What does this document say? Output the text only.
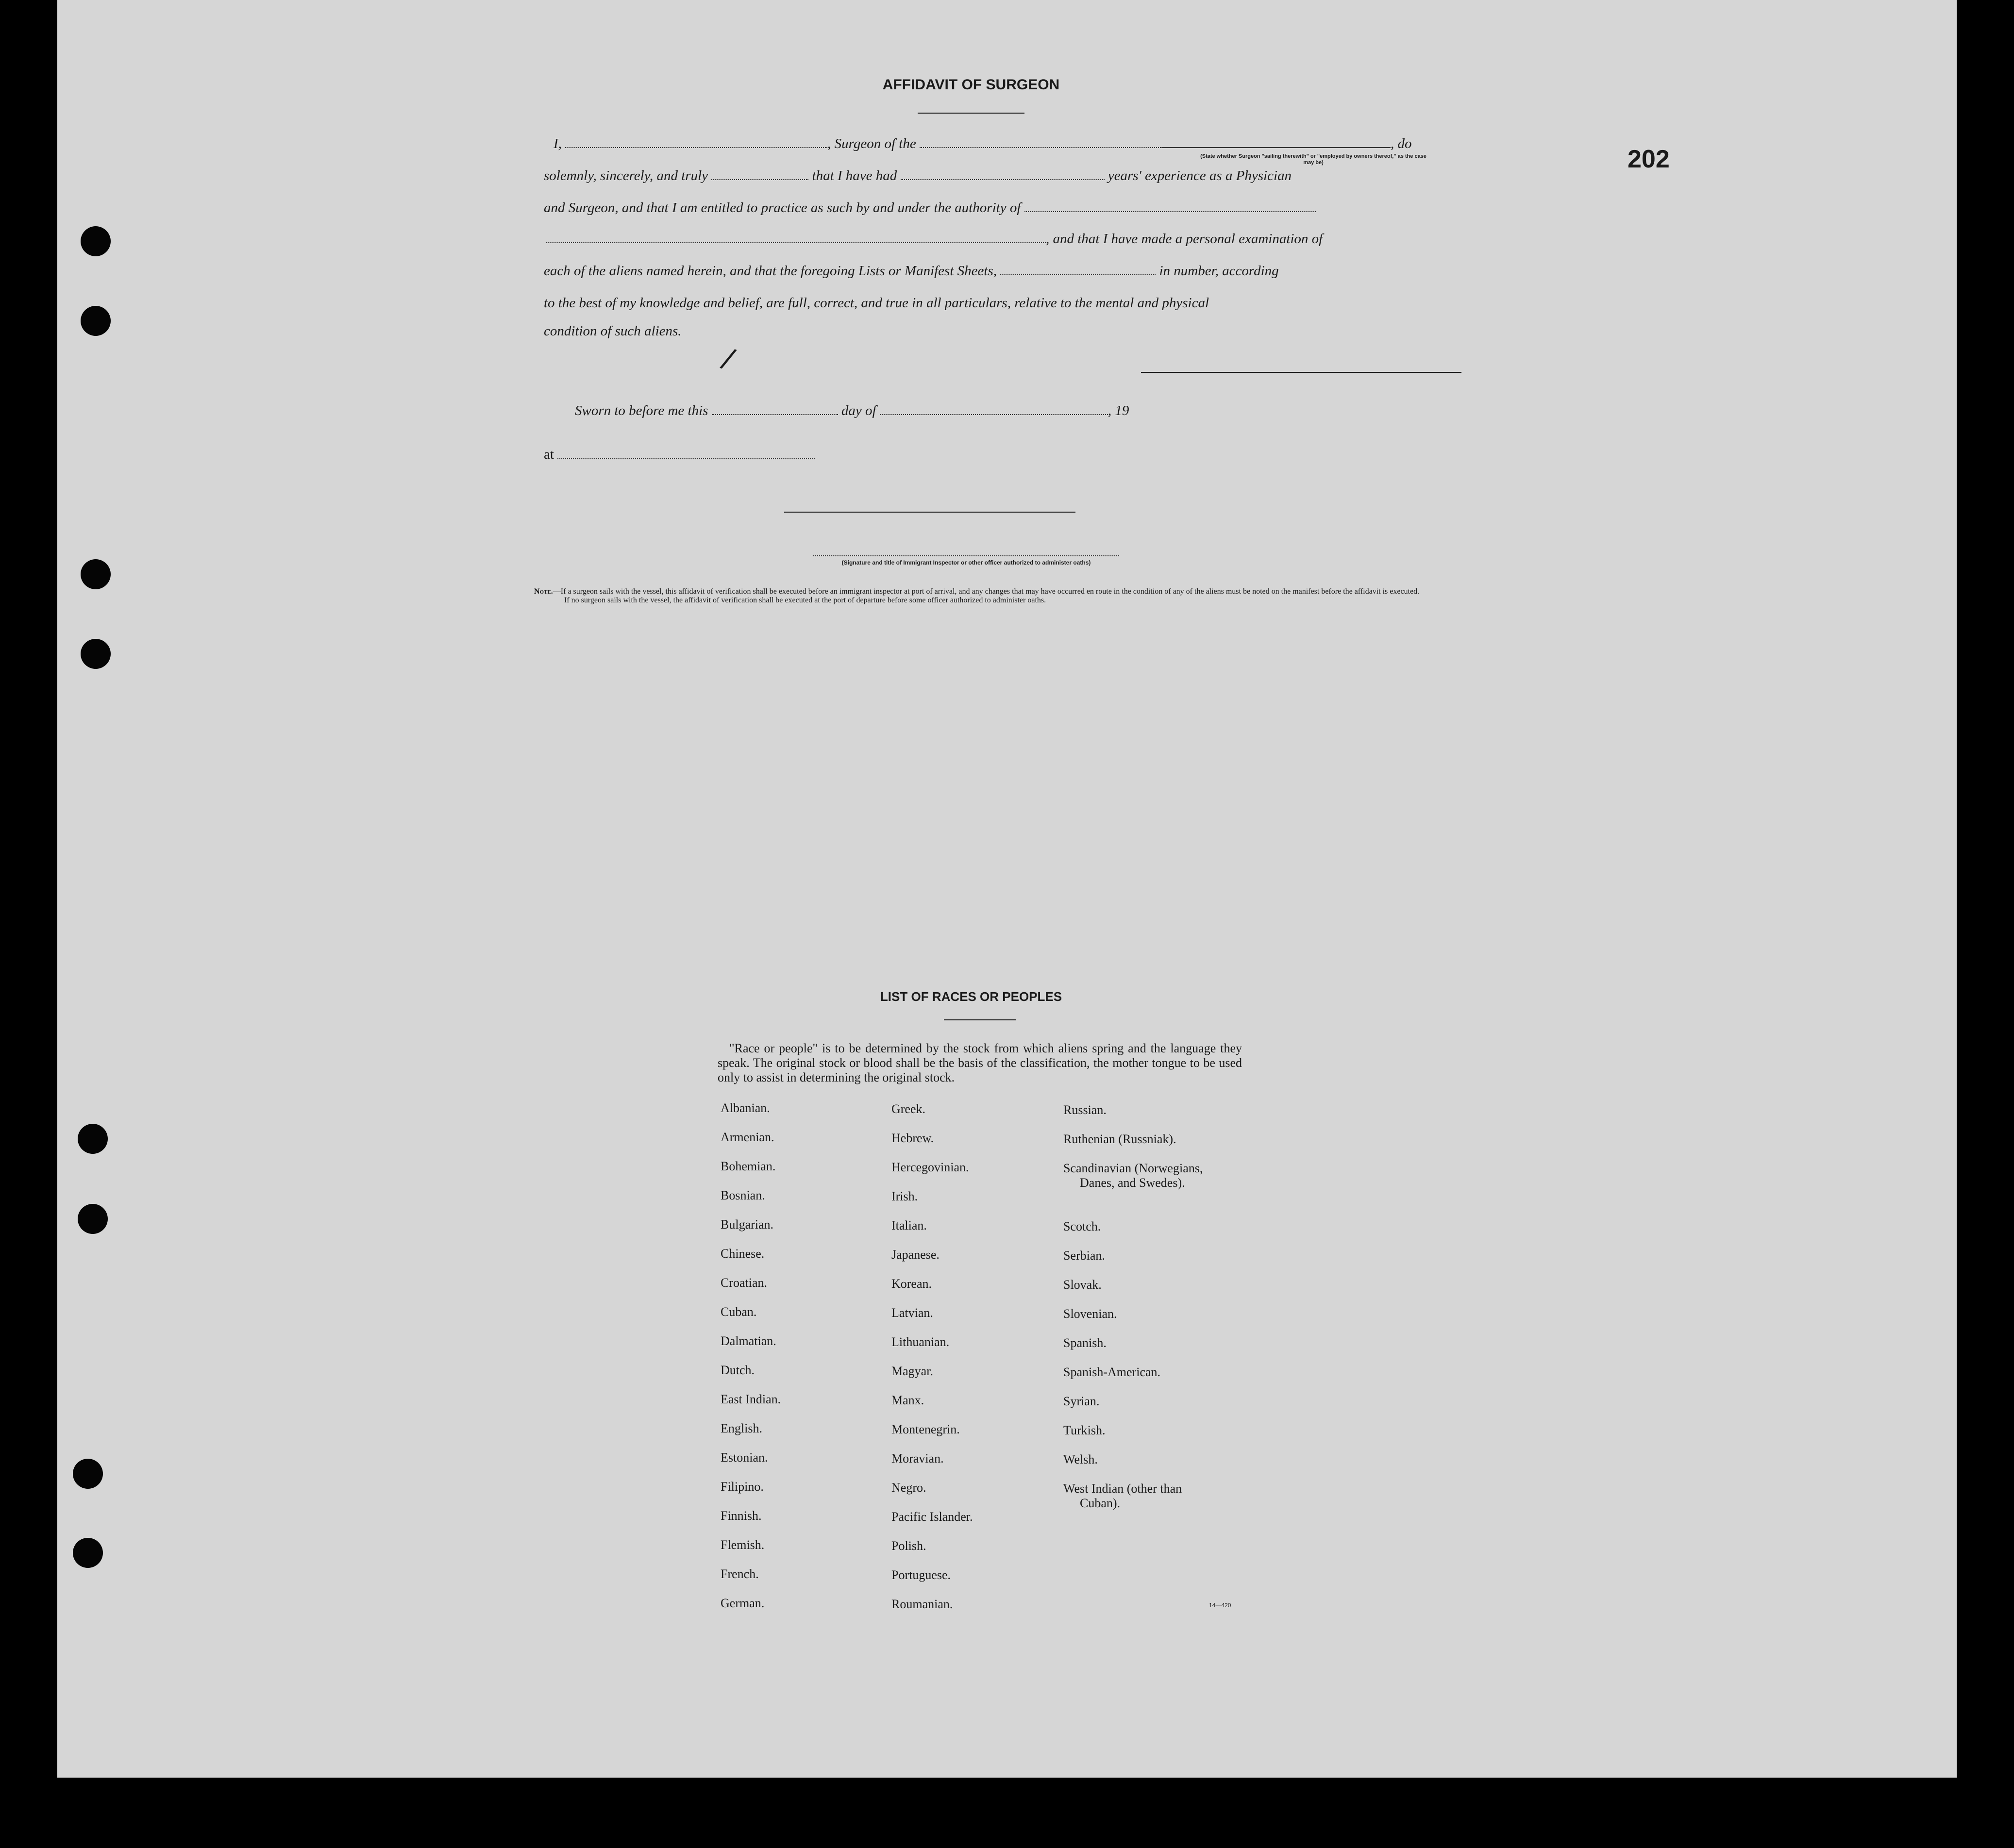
202
AFFIDAVIT OF SURGEON
I,	, Surgeon of the	, do
(State whether Surgeon "sailing therewith" or "employed by owners thereof," as the case may be)
solemnly, sincerely, and truly	that I have had	years' experience as a Physician
and Surgeon, and that I am entitled to practice as such by and under the authority of
, and that I have made a personal examination of
each of the aliens named herein, and that the foregoing Lists or Manifest Sheets,	in number, according
to the best of my knowledge and belief, are full, correct, and true in all particulars, relative to the mental and physical
condition of such aliens.
/
Sworn to before me this	day of	, 19
at
(Signature and title of Immigrant Inspector or other officer authorized to administer oaths)
Note.—If a surgeon sails with the vessel, this affidavit of verification shall be executed before an immigrant inspector at port of arrival, and any changes that may have occurred en route in the condition of any of the aliens must be noted on the manifest before the affidavit is executed.
If no surgeon sails with the vessel, the affidavit of verification shall be executed at the port of departure before some officer authorized to administer oaths.
LIST OF RACES OR PEOPLES
"Race or people" is to be determined by the stock from which aliens spring and the language they speak. The original stock or blood shall be the basis of the classification, the mother tongue to be used only to assist in determining the original stock.
Albanian.
Armenian.
Bohemian.
Bosnian.
Bulgarian.
Chinese.
Croatian.
Cuban.
Dalmatian.
Dutch.
East Indian.
English.
Estonian.
Filipino.
Finnish.
Flemish.
French.
German.
Greek.
Hebrew.
Hercegovinian.
Irish.
Italian.
Japanese.
Korean.
Latvian.
Lithuanian.
Magyar.
Manx.
Montenegrin.
Moravian.
Negro.
Pacific Islander.
Polish.
Portuguese.
Roumanian.
Russian.
Ruthenian (Russniak).
Scandinavian (Norwegians,
Danes, and Swedes).
Scotch.
Serbian.
Slovak.
Slovenian.
Spanish.
Spanish-American.
Syrian.
Turkish.
Welsh.
West Indian (other than
Cuban).
14—420
